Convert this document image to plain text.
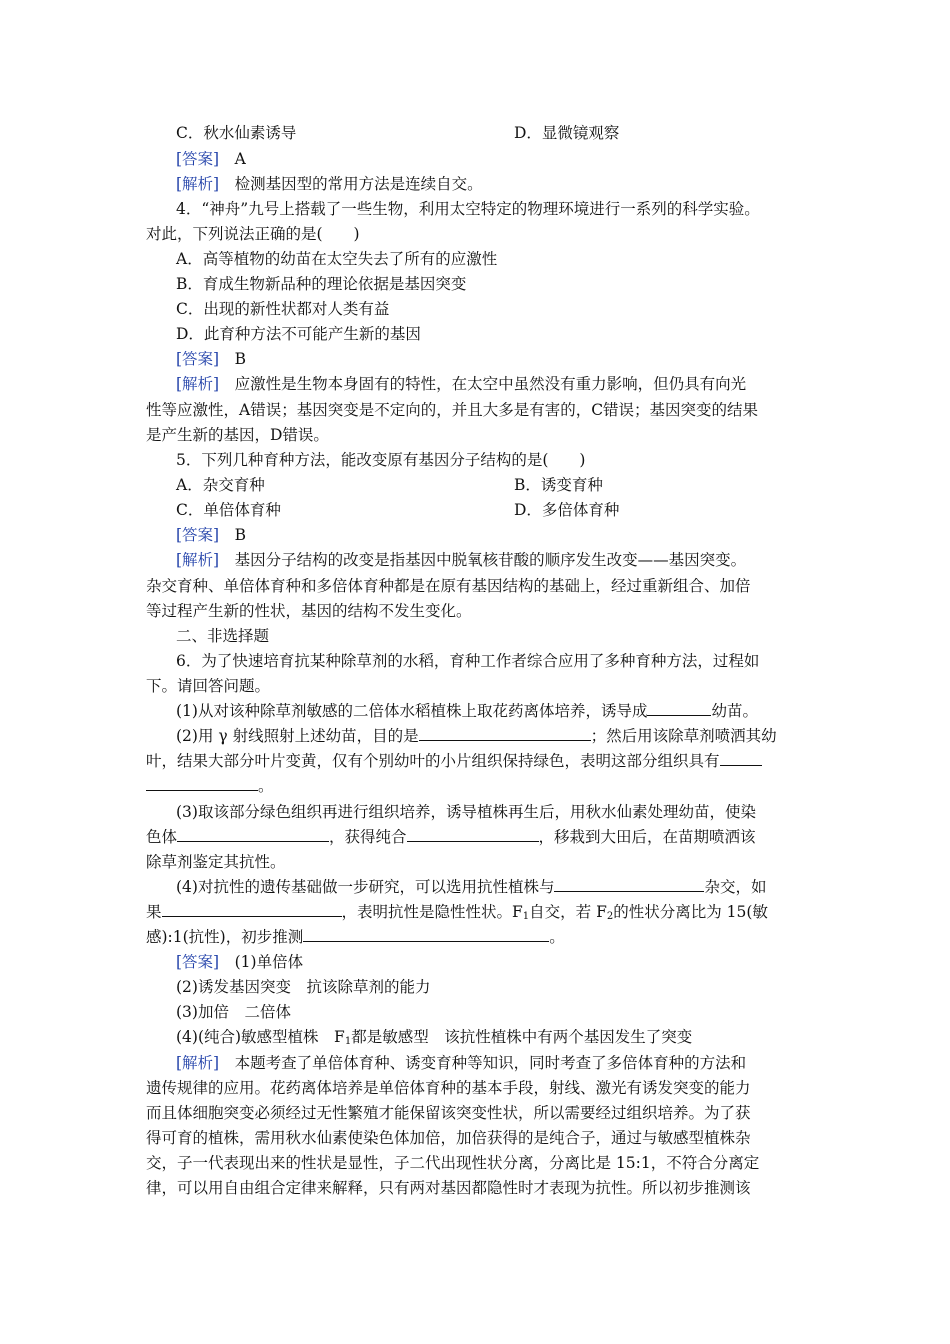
C．秋水仙素诱导	D．显微镜观察
[答案]　 A
[解析]　 检测基因型的常用方法是连续自交。
4．“神舟”九号上搭载了一些生物，利用太空特定的物理环境进行一系列的科学实验。
对此，下列说法正确的是(　　)
A．高等植物的幼苗在太空失去了所有的应激性
B．育成生物新品种的理论依据是基因突变
C．出现的新性状都对人类有益
D．此育种方法不可能产生新的基因
[答案]　 B
[解析]　 应激性是生物本身固有的特性，在太空中虽然没有重力影响，但仍具有向光
性等应激性，A错误；基因突变是不定向的，并且大多是有害的，C错误；基因突变的结果
是产生新的基因，D错误。
5．下列几种育种方法，能改变原有基因分子结构的是(　　)
A．杂交育种	B．诱变育种
C．单倍体育种	D．多倍体育种
[答案]　 B
[解析]　 基因分子结构的改变是指基因中脱氧核苷酸的顺序发生改变——基因突变。
杂交育种、单倍体育种和多倍体育种都是在原有基因结构的基础上，经过重新组合、加倍
等过程产生新的性状，基因的结构不发生变化。
二、非选择题
6．为了快速培育抗某种除草剂的水稻，育种工作者综合应用了多种育种方法，过程如
下。请回答问题。
(1)从对该种除草剂敏感的二倍体水稻植株上取花药离体培养，诱导成	幼苗。
(2)用 γ 射线照射上述幼苗，目的是	；然后用该除草剂喷洒其幼
叶，结果大部分叶片变黄，仅有个别幼叶的小片组织保持绿色，表明这部分组织具有
。
(3)取该部分绿色组织再进行组织培养，诱导植株再生后，用秋水仙素处理幼苗，使染
色体	，获得纯合	，移栽到大田后，在苗期喷洒该
除草剂鉴定其抗性。
(4)对抗性的遗传基础做一步研究，可以选用抗性植株与	杂交，如
果	，表明抗性是隐性性状。$F_1$自交，若 $F_2$的性状分离比为 15(敏
感):1(抗性)，初步推测	。
[答案]　 (1)单倍体
(2)诱发基因突变　抗该除草剂的能力
(3)加倍　二倍体
(4)(纯合)敏感型植株　$F_1$都是敏感型　该抗性植株中有两个基因发生了突变
[解析]　 本题考查了单倍体育种、诱变育种等知识，同时考查了多倍体育种的方法和
遗传规律的应用。花药离体培养是单倍体育种的基本手段，射线、激光有诱发突变的能力
而且体细胞突变必须经过无性繁殖才能保留该突变性状，所以需要经过组织培养。为了获
得可育的植株，需用秋水仙素使染色体加倍，加倍获得的是纯合子，通过与敏感型植株杂
交，子一代表现出来的性状是显性，子二代出现性状分离，分离比是 15:1，不符合分离定
律，可以用自由组合定律来解释，只有两对基因都隐性时才表现为抗性。所以初步推测该
